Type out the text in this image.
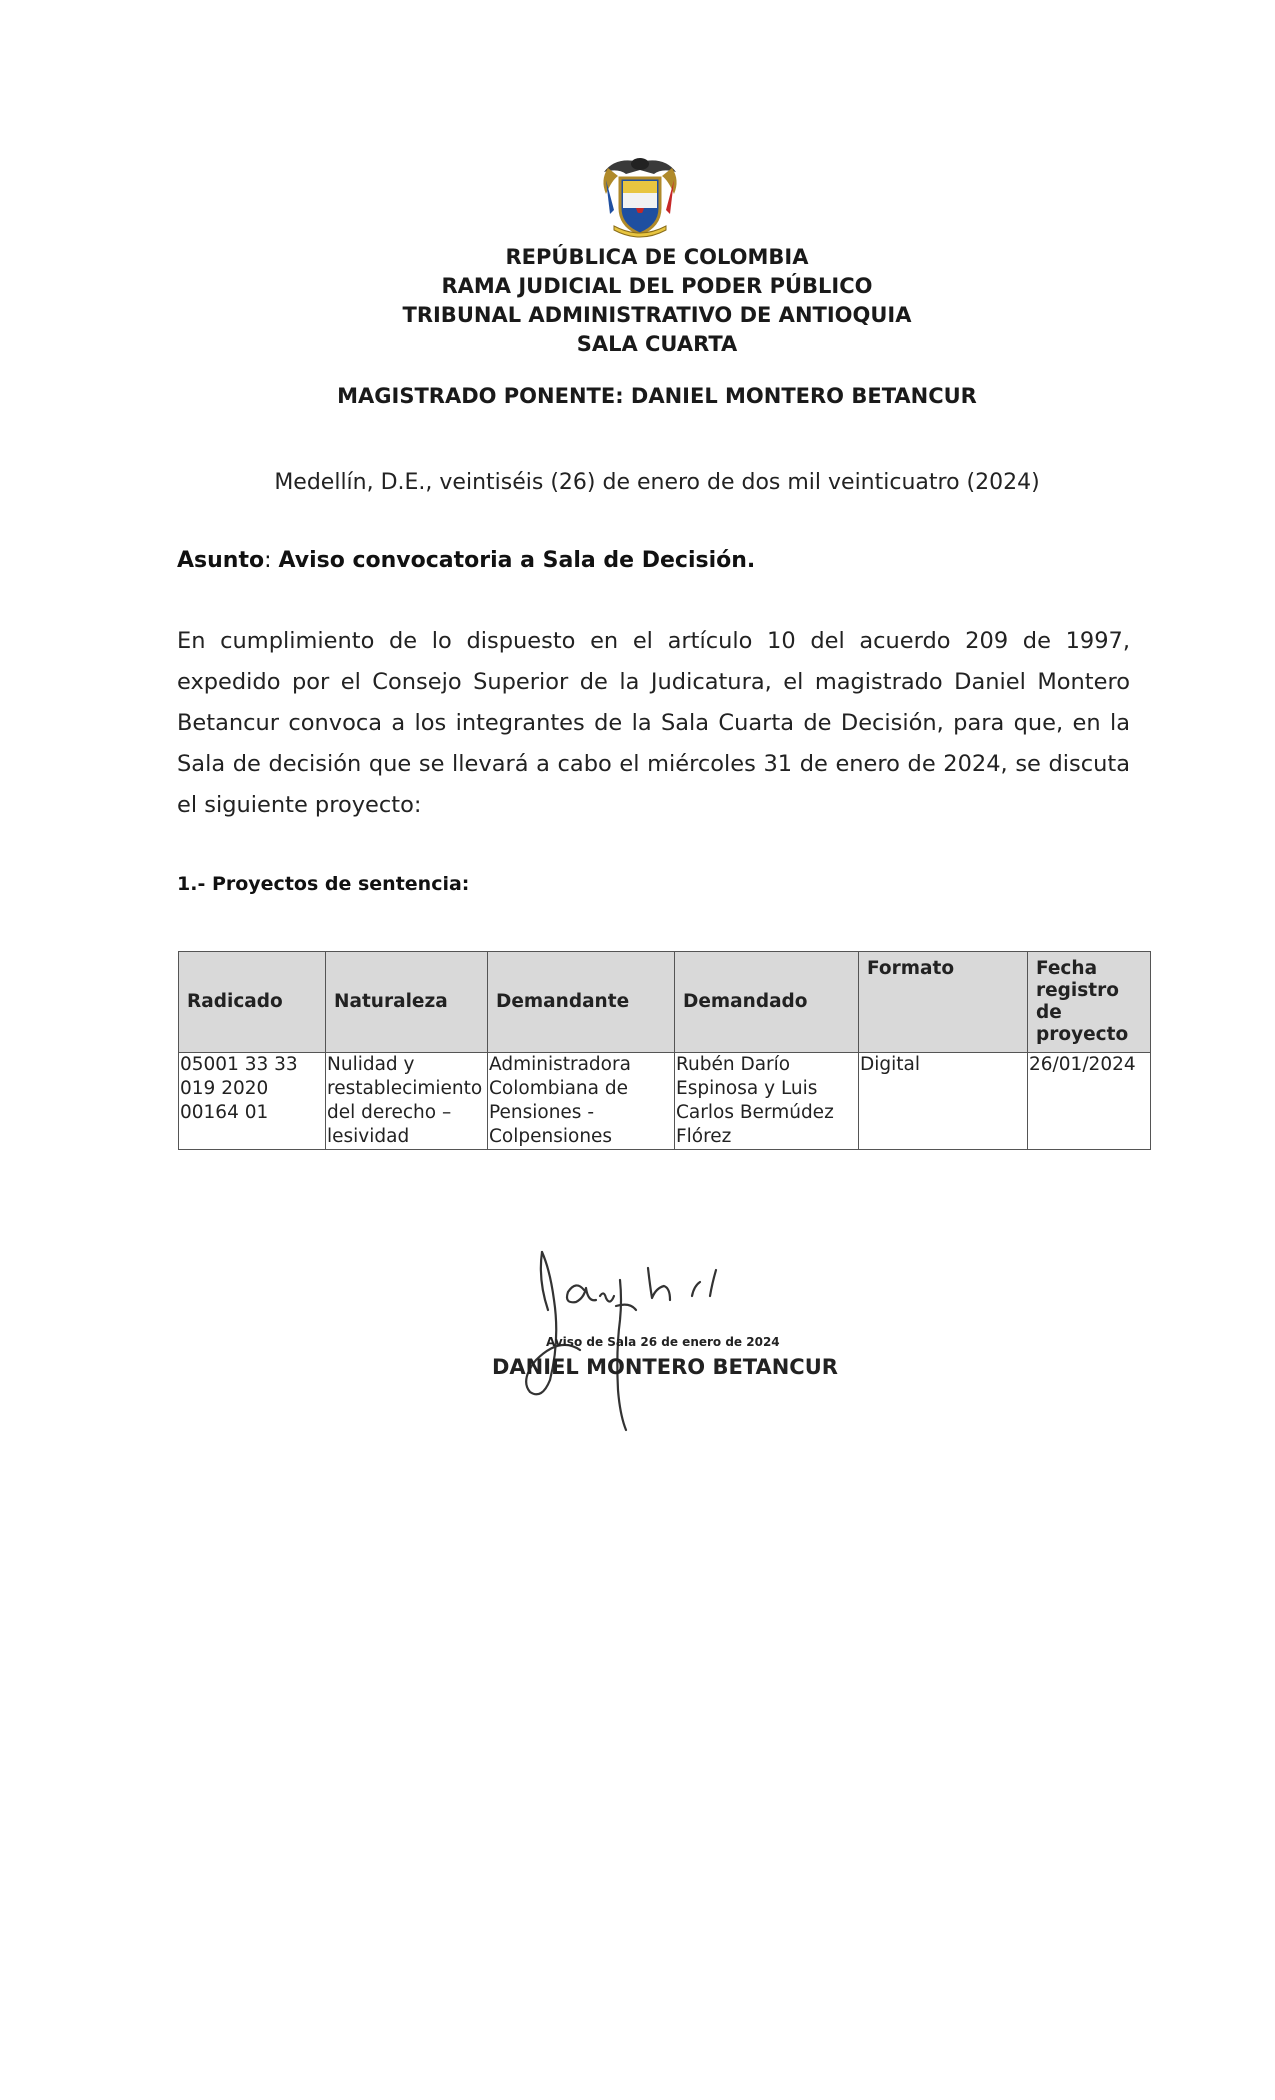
REPÚBLICA DE COLOMBIA
RAMA JUDICIAL DEL PODER PÚBLICO
TRIBUNAL ADMINISTRATIVO DE ANTIOQUIA
SALA CUARTA
MAGISTRADO PONENTE: DANIEL MONTERO BETANCUR
Medellín, D.E., veintiséis (26) de enero de dos mil veinticuatro (2024)
Asunto: Aviso convocatoria a Sala de Decisión.
En cumplimiento de lo dispuesto en el artículo 10 del acuerdo 209 de 1997, expedido por el Consejo Superior de la Judicatura, el magistrado Daniel Montero Betancur convoca a los integrantes de la Sala Cuarta de Decisión, para que, en la Sala de decisión que se llevará a cabo el miércoles 31 de enero de 2024, se discuta el siguiente proyecto:
1.- Proyectos de sentencia:
Radicado	Naturaleza	Demandante	Demandado	Formato	Fecha registro de proyecto
05001 33 33 019 2020 00164 01	Nulidad y restablecimiento del derecho – lesividad	Administradora Colombiana de Pensiones - Colpensiones	Rubén Darío Espinosa y Luis Carlos Bermúdez Flórez	Digital	26/01/2024
Aviso de Sala 26 de enero de 2024
DANIEL MONTERO BETANCUR
